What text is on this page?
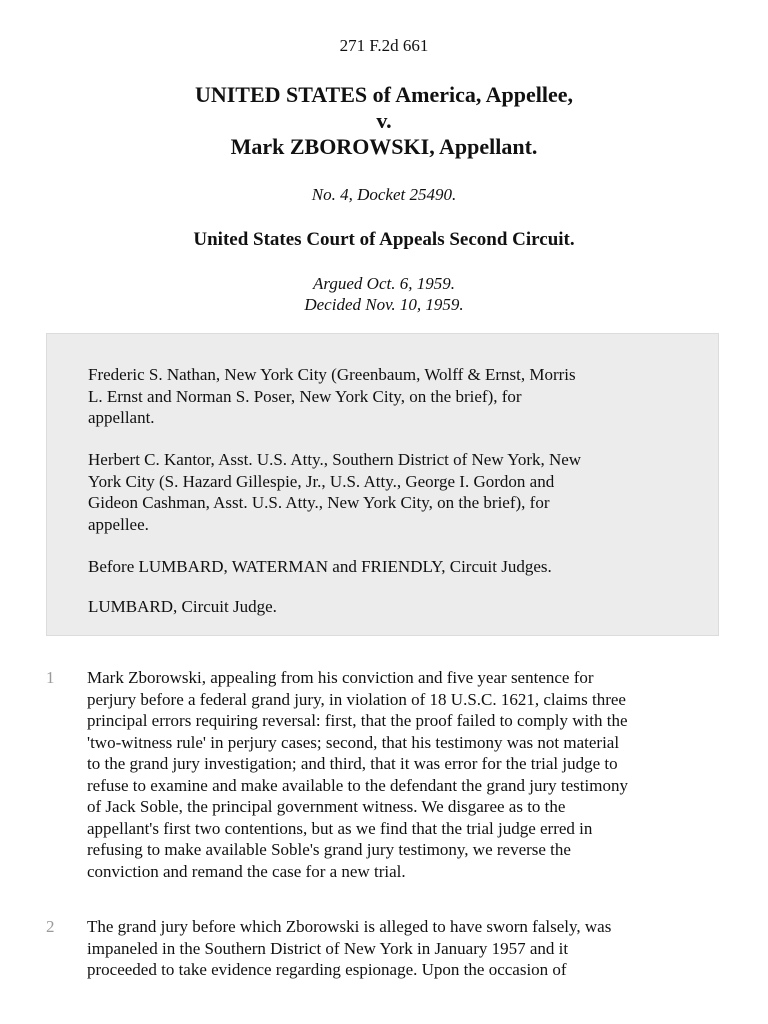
271 F.2d 661
UNITED STATES of America, Appellee,
v.
Mark ZBOROWSKI, Appellant.
No. 4, Docket 25490.
United States Court of Appeals Second Circuit.
Argued Oct. 6, 1959.
Decided Nov. 10, 1959.
Frederic S. Nathan, New York City (Greenbaum, Wolff & Ernst, Morris
L. Ernst and Norman S. Poser, New York City, on the brief), for
appellant.
Herbert C. Kantor, Asst. U.S. Atty., Southern District of New York, New
York City (S. Hazard Gillespie, Jr., U.S. Atty., George I. Gordon and
Gideon Cashman, Asst. U.S. Atty., New York City, on the brief), for
appellee.
Before LUMBARD, WATERMAN and FRIENDLY, Circuit Judges.
LUMBARD, Circuit Judge.
1 Mark Zborowski, appealing from his conviction and five year sentence for
perjury before a federal grand jury, in violation of 18 U.S.C. 1621, claims three
principal errors requiring reversal: first, that the proof failed to comply with the
'two-witness rule' in perjury cases; second, that his testimony was not material
to the grand jury investigation; and third, that it was error for the trial judge to
refuse to examine and make available to the defendant the grand jury testimony
of Jack Soble, the principal government witness. We disgaree as to the
appellant's first two contentions, but as we find that the trial judge erred in
refusing to make available Soble's grand jury testimony, we reverse the
conviction and remand the case for a new trial.
2 The grand jury before which Zborowski is alleged to have sworn falsely, was
impaneled in the Southern District of New York in January 1957 and it
proceeded to take evidence regarding espionage. Upon the occasion of
